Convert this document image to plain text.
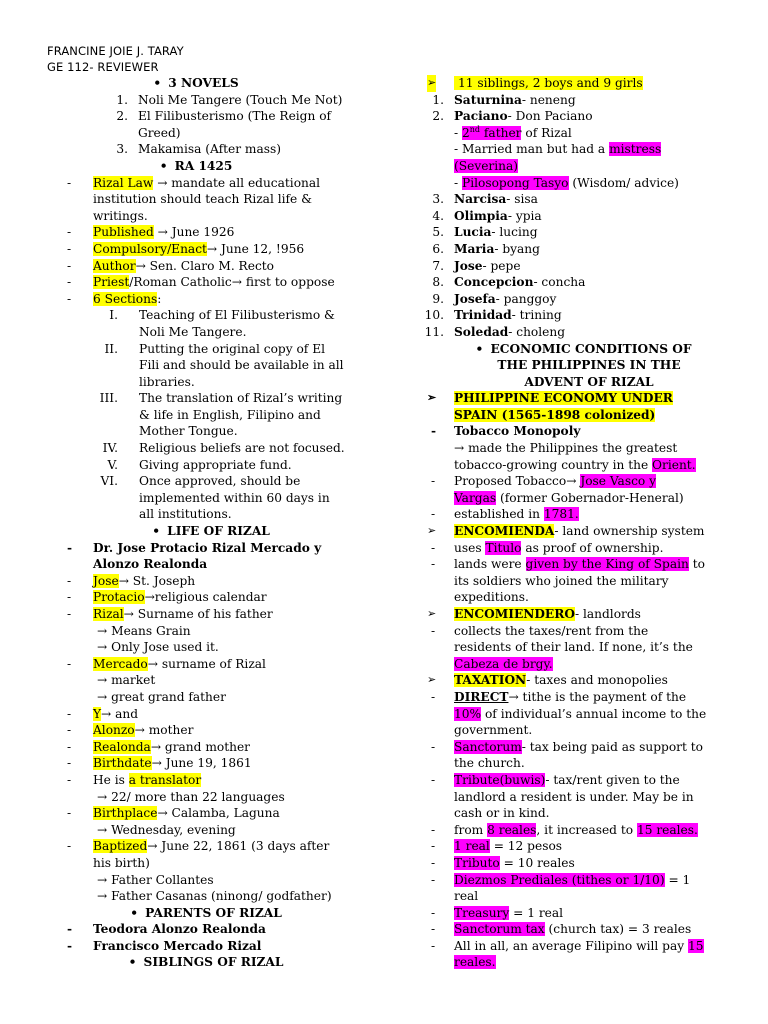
FRANCINE JOIE J. TARAY
GE 112- REVIEWER
• 3 NOVELS
1. Noli Me Tangere (Touch Me Not)
2. El Filibusterismo (The Reign of
Greed)
3. Makamisa (After mass)
• RA 1425
- Rizal Law → mandate all educational
institution should teach Rizal life &
writings.
- Published → June 1926
- Compulsory/Enact→ June 12, !956
- Author→ Sen. Claro M. Recto
- Priest/Roman Catholic→ first to oppose
- 6 Sections:
I. Teaching of El Filibusterismo &
Noli Me Tangere.
II. Putting the original copy of El
Fili and should be available in all
libraries.
III. The translation of Rizal’s writing
& life in English, Filipino and
Mother Tongue.
IV. Religious beliefs are not focused.
V. Giving appropriate fund.
VI. Once approved, should be
implemented within 60 days in
all institutions.
• LIFE OF RIZAL
- Dr. Jose Protacio Rizal Mercado y
Alonzo Realonda
- Jose→ St. Joseph
- Protacio→religious calendar
- Rizal→ Surname of his father
→ Means Grain
→ Only Jose used it.
- Mercado→ surname of Rizal
→ market
→ great grand father
- Y→ and
- Alonzo→ mother
- Realonda→ grand mother
- Birthdate→ June 19, 1861
- He is a translator
→ 22/ more than 22 languages
- Birthplace→ Calamba, Laguna
→ Wednesday, evening
- Baptized→ June 22, 1861 (3 days after
his birth)
→ Father Collantes
→ Father Casanas (ninong/ godfather)
• PARENTS OF RIZAL
- Teodora Alonzo Realonda
- Francisco Mercado Rizal
• SIBLINGS OF RIZAL
➢ 11 siblings, 2 boys and 9 girls
1. Saturnina- neneng
2. Paciano- Don Paciano
- 2nd father of Rizal
- Married man but had a mistress
(Severina)
- Pilosopong Tasyo (Wisdom/ advice)
3. Narcisa- sisa
4. Olimpia- ypia
5. Lucia- lucing
6. Maria- byang
7. Jose- pepe
8. Concepcion- concha
9. Josefa- panggoy
10. Trinidad- trining
11. Soledad- choleng
• ECONOMIC CONDITIONS OF
THE PHILIPPINES IN THE
ADVENT OF RIZAL
➢ PHILIPPINE ECONOMY UNDER
SPAIN (1565-1898 colonized)
- Tobacco Monopoly
→ made the Philippines the greatest
tobacco-growing country in the Orient.
- Proposed Tobacco→ Jose Vasco y
Vargas (former Gobernador-Heneral)
- established in 1781.
➢ ENCOMIENDA- land ownership system
- uses Titulo as proof of ownership.
- lands were given by the King of Spain to
its soldiers who joined the military
expeditions.
➢ ENCOMIENDERO- landlords
- collects the taxes/rent from the
residents of their land. If none, it’s the
Cabeza de brgy.
➢ TAXATION- taxes and monopolies
- DIRECT→ tithe is the payment of the
10% of individual’s annual income to the
government.
- Sanctorum- tax being paid as support to
the church.
- Tribute(buwis)- tax/rent given to the
landlord a resident is under. May be in
cash or in kind.
- from 8 reales, it increased to 15 reales.
- 1 real = 12 pesos
- Tributo = 10 reales
- Diezmos Prediales (tithes or 1/10) = 1
real
- Treasury = 1 real
- Sanctorum tax (church tax) = 3 reales
- All in all, an average Filipino will pay 15
reales.
